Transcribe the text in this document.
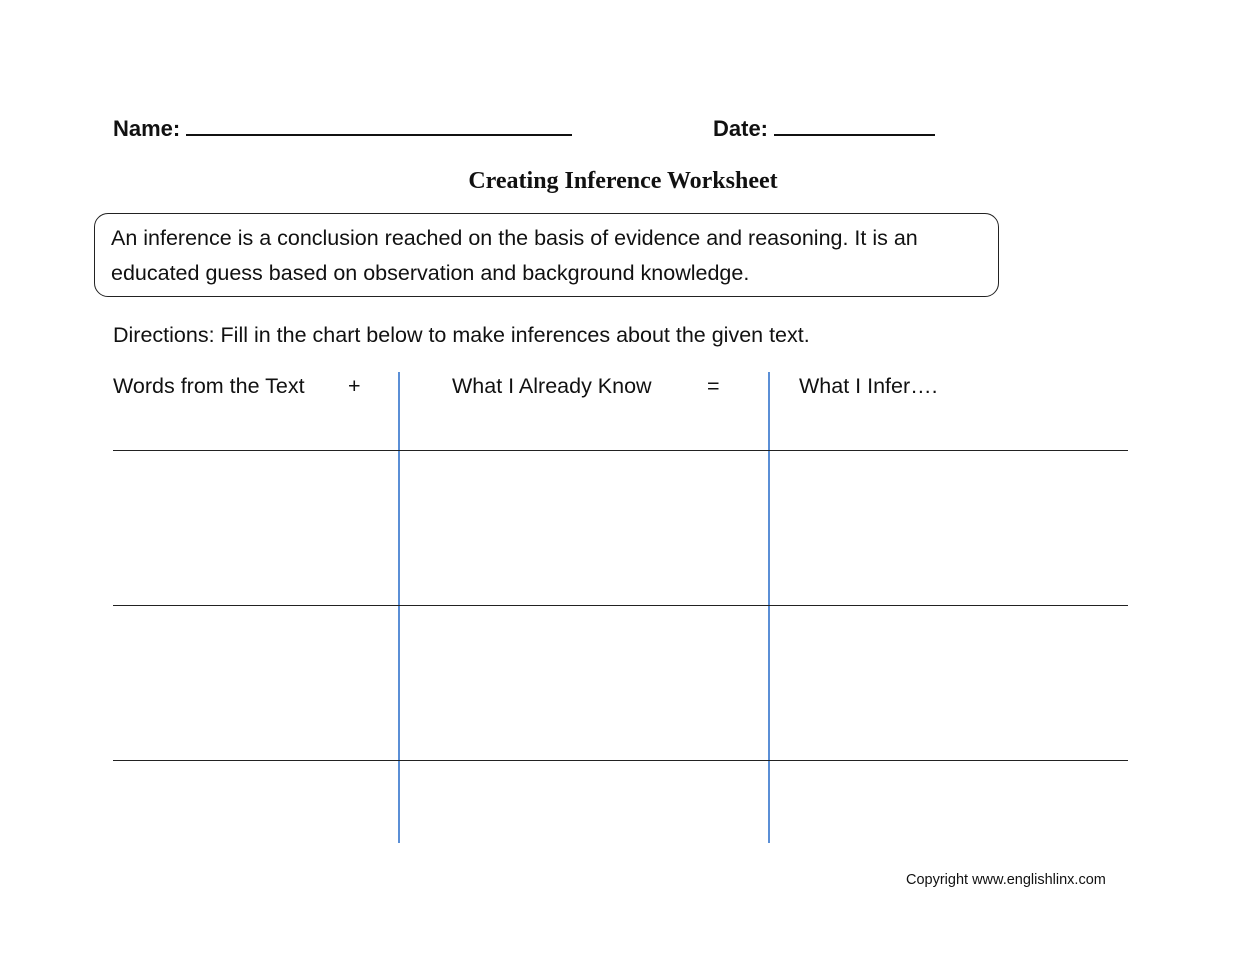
Name:	Date:
Creating Inference Worksheet
An inference is a conclusion reached on the basis of evidence and reasoning. It is an
educated guess based on observation and background knowledge.
Directions: Fill in the chart below to make inferences about the given text.
Words from the Text +	What I Already Know	=	What I Infer….
Copyright www.englishlinx.com
